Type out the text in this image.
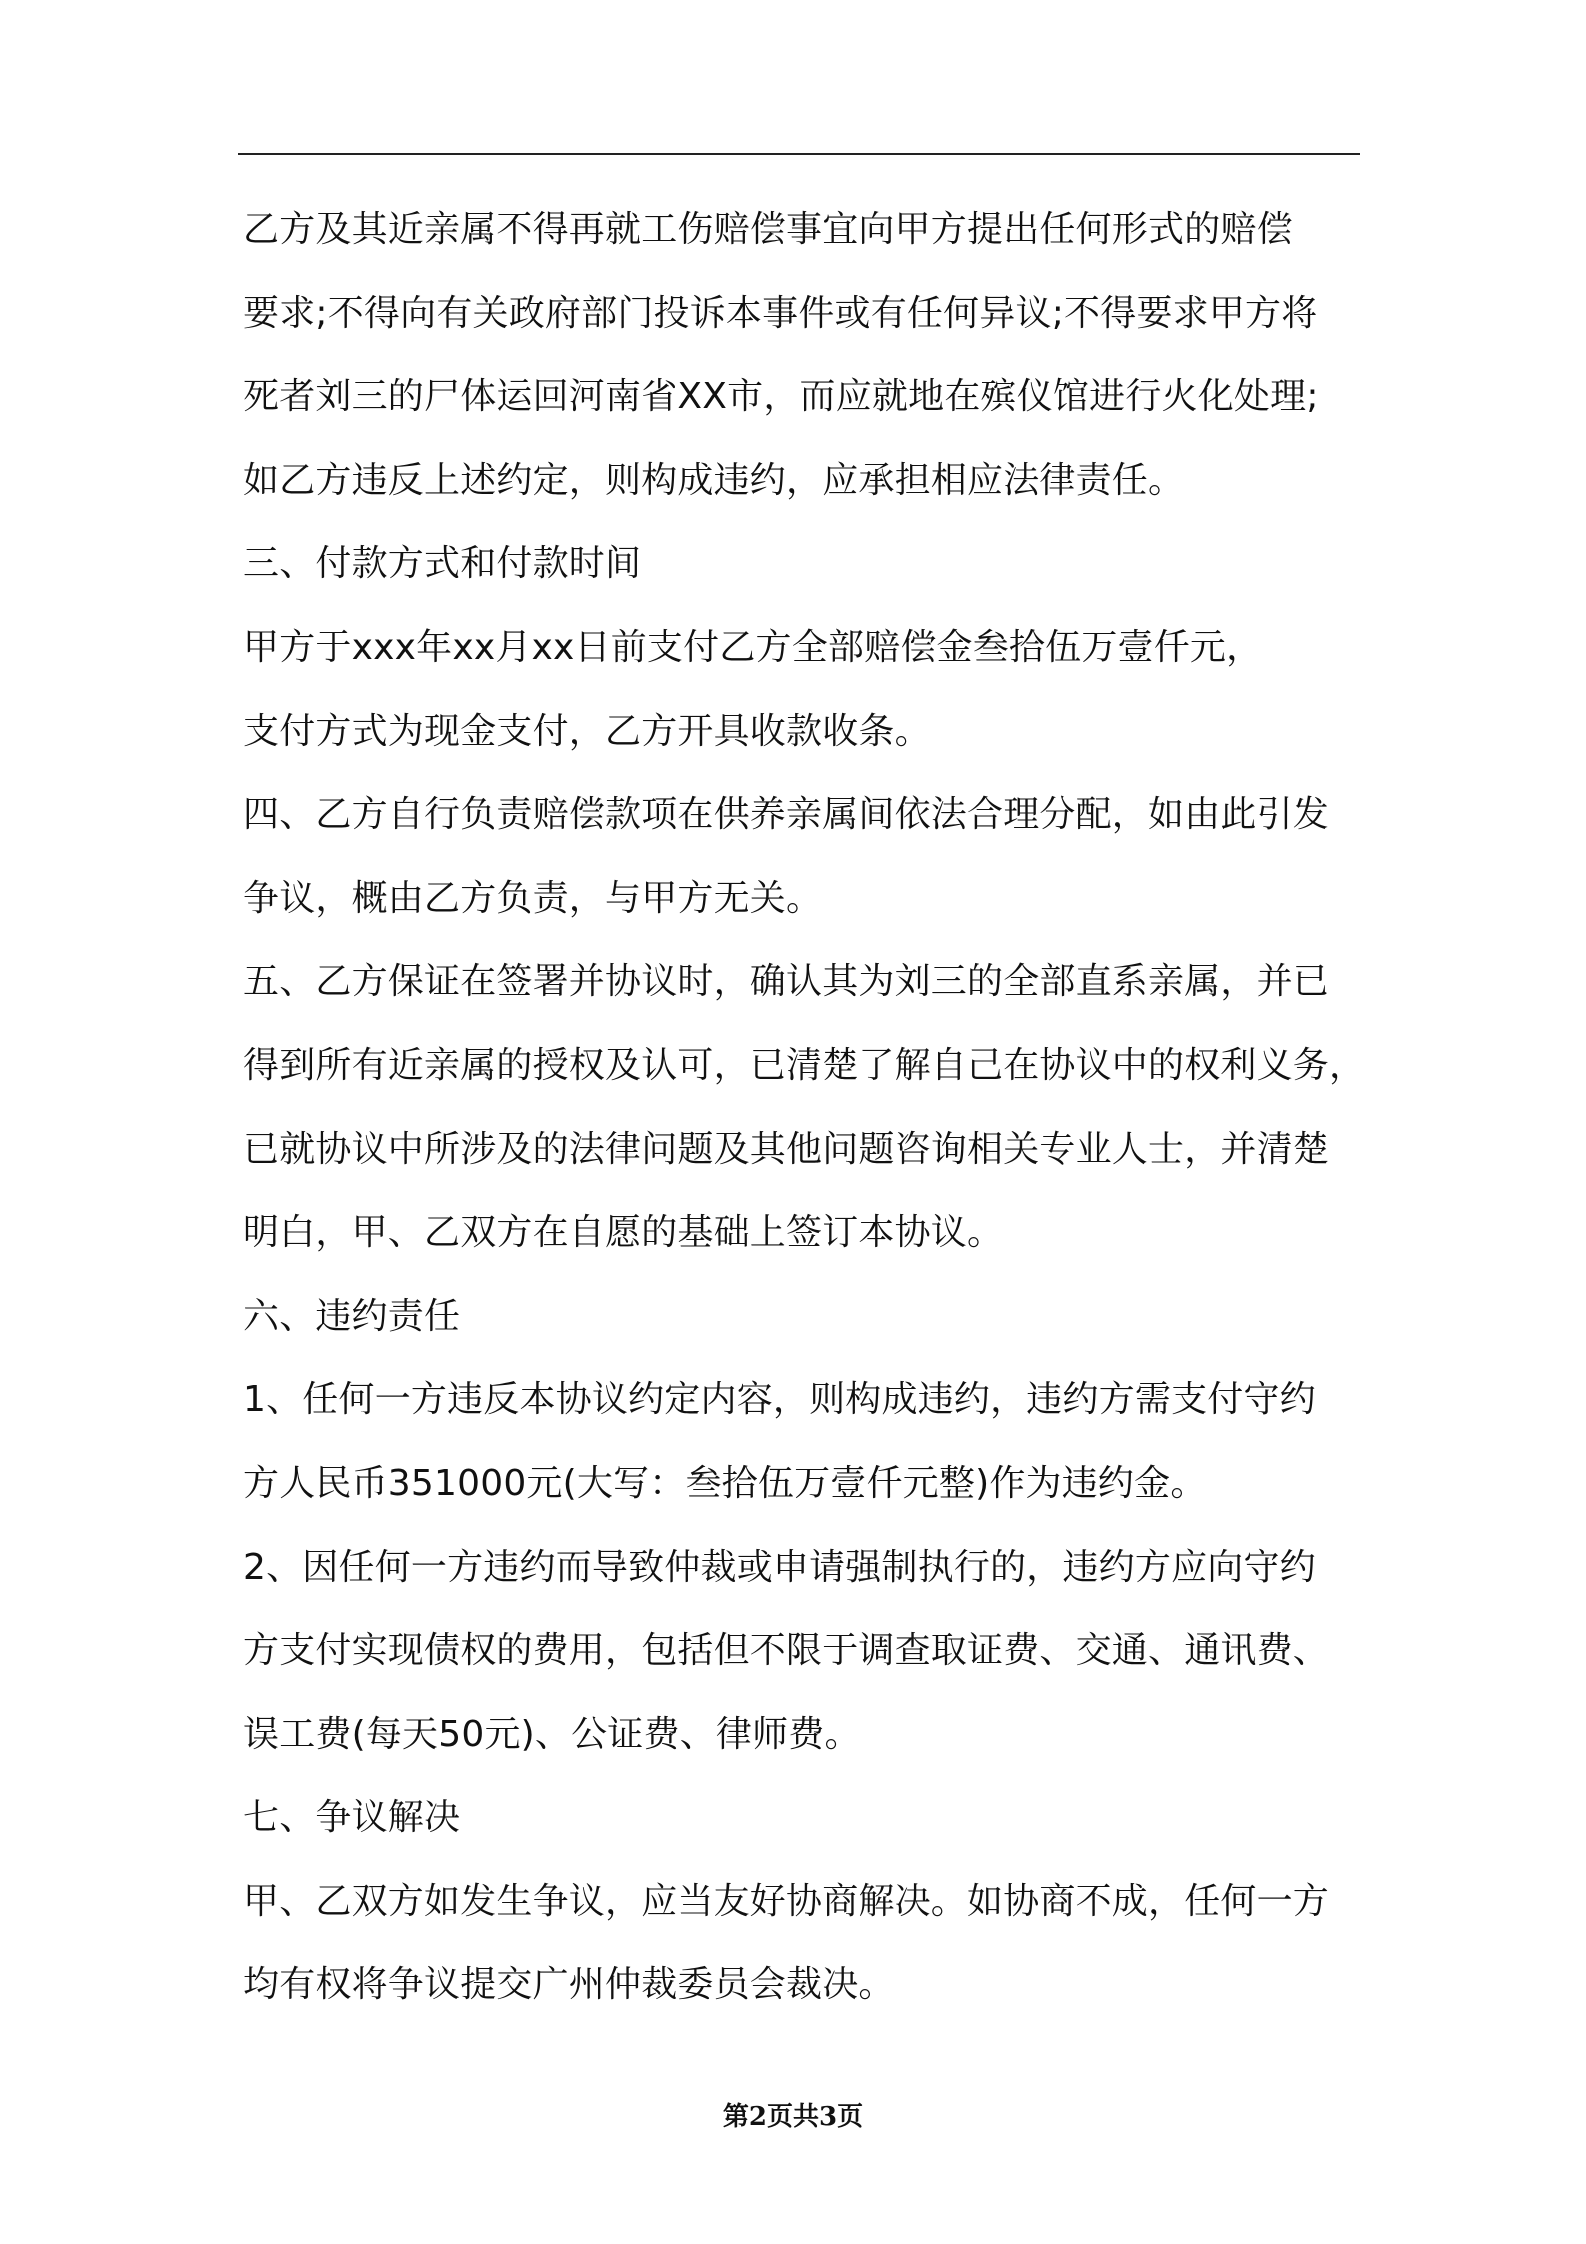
乙方及其近亲属不得再就工伤赔偿事宜向甲方提出任何形式的赔偿
要求;不得向有关政府部门投诉本事件或有任何异议;不得要求甲方将
死者刘三的尸体运回河南省XX市，而应就地在殡仪馆进行火化处理;
如乙方违反上述约定，则构成违约，应承担相应法律责任。
三、付款方式和付款时间
甲方于xxx年xx月xx日前支付乙方全部赔偿金叁拾伍万壹仟元，
支付方式为现金支付，乙方开具收款收条。
四、乙方自行负责赔偿款项在供养亲属间依法合理分配，如由此引发
争议，概由乙方负责，与甲方无关。
五、乙方保证在签署并协议时，确认其为刘三的全部直系亲属，并已
得到所有近亲属的授权及认可，已清楚了解自己在协议中的权利义务，
已就协议中所涉及的法律问题及其他问题咨询相关专业人士，并清楚
明白，甲、乙双方在自愿的基础上签订本协议。
六、违约责任
1、任何一方违反本协议约定内容，则构成违约，违约方需支付守约
方人民币351000元(大写：叁拾伍万壹仟元整)作为违约金。
2、因任何一方违约而导致仲裁或申请强制执行的，违约方应向守约
方支付实现债权的费用，包括但不限于调查取证费、交通、通讯费、
误工费(每天50元)、公证费、律师费。
七、争议解决
甲、乙双方如发生争议，应当友好协商解决。如协商不成，任何一方
均有权将争议提交广州仲裁委员会裁决。
第2页共3页
